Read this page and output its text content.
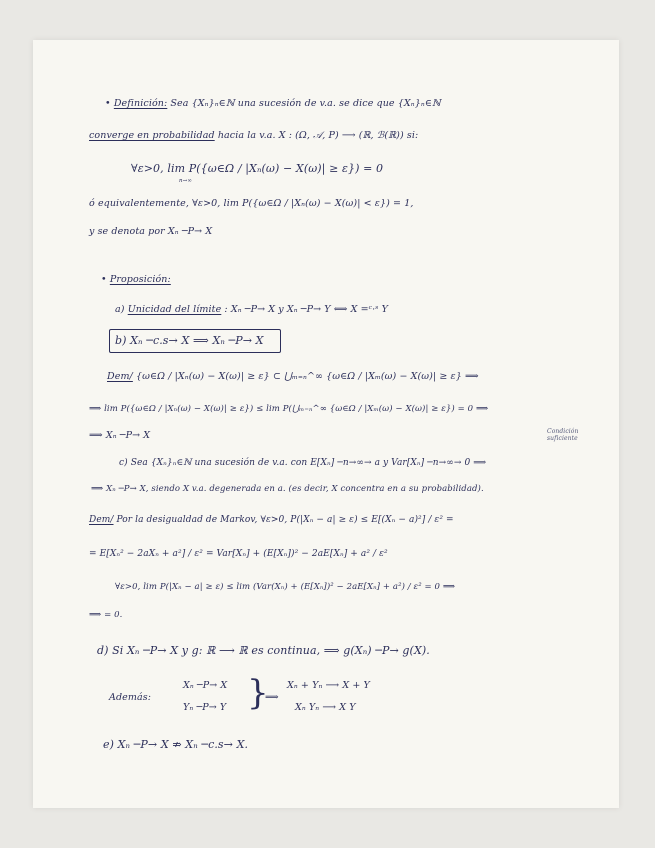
• Definición: Sea {Xₙ}ₙ∈ℕ una sucesión de v.a. se dice que {Xₙ}ₙ∈ℕ
converge en probabilidad hacia la v.a. X : (Ω, 𝒜, P) ⟶ (ℝ, ℬ(ℝ)) si:
∀ε>0, lim P({ω∈Ω / |Xₙ(ω) − X(ω)| ≥ ε}) = 0
n→∞
ó equivalentemente, ∀ε>0, lim P({ω∈Ω / |Xₙ(ω) − X(ω)| < ε}) = 1,
y se denota por Xₙ ─P→ X
• Proposición:
a) Unicidad del límite : Xₙ ─P→ X y Xₙ ─P→ Y ⟺ X =ᶜ·ˢ Y
b) Xₙ ─c.s→ X ⟹ Xₙ ─P→ X
Dem/ {ω∈Ω / |Xₙ(ω) − X(ω)| ≥ ε} ⊂ ⋃ₘ₌ₙ^∞ {ω∈Ω / |Xₘ(ω) − X(ω)| ≥ ε} ⟹
⟹ lim P({ω∈Ω / |Xₙ(ω) − X(ω)| ≥ ε}) ≤ lim P(⋃ₘ₌ₙ^∞ {ω∈Ω / |Xₘ(ω) − X(ω)| ≥ ε}) = 0 ⟹
⟹ Xₙ ─P→ X	Condición suficiente
c) Sea {Xₙ}ₙ∈ℕ una sucesión de v.a. con E[Xₙ] ─n→∞→ a y Var[Xₙ] ─n→∞→ 0 ⟹
⟹ Xₙ ─P→ X, siendo X v.a. degenerada en a. (es decir, X concentra en a su probabilidad).
Dem/ Por la desigualdad de Markov, ∀ε>0, P(|Xₙ − a| ≥ ε) ≤ E[(Xₙ − a)²] / ε² =
= E[Xₙ² − 2aXₙ + a²] / ε² = Var[Xₙ] + (E[Xₙ])² − 2aE[Xₙ] + a² / ε²
∀ε>0, lim P(|Xₙ − a| ≥ ε) ≤ lim (Var(Xₙ) + (E[Xₙ])² − 2aE[Xₙ] + a²) / ε² = 0 ⟹
⟹ = 0.
d) Si Xₙ ─P→ X y g: ℝ ⟶ ℝ es continua, ⟹ g(Xₙ) ─P→ g(X).
Además:
Xₙ ─P→ X
Yₙ ─P→ Y }
⟹
Xₙ + Yₙ ⟶ X + Y
Xₙ Yₙ ⟶ X Y
e) Xₙ ─P→ X ⇏ Xₙ ─c.s→ X.
